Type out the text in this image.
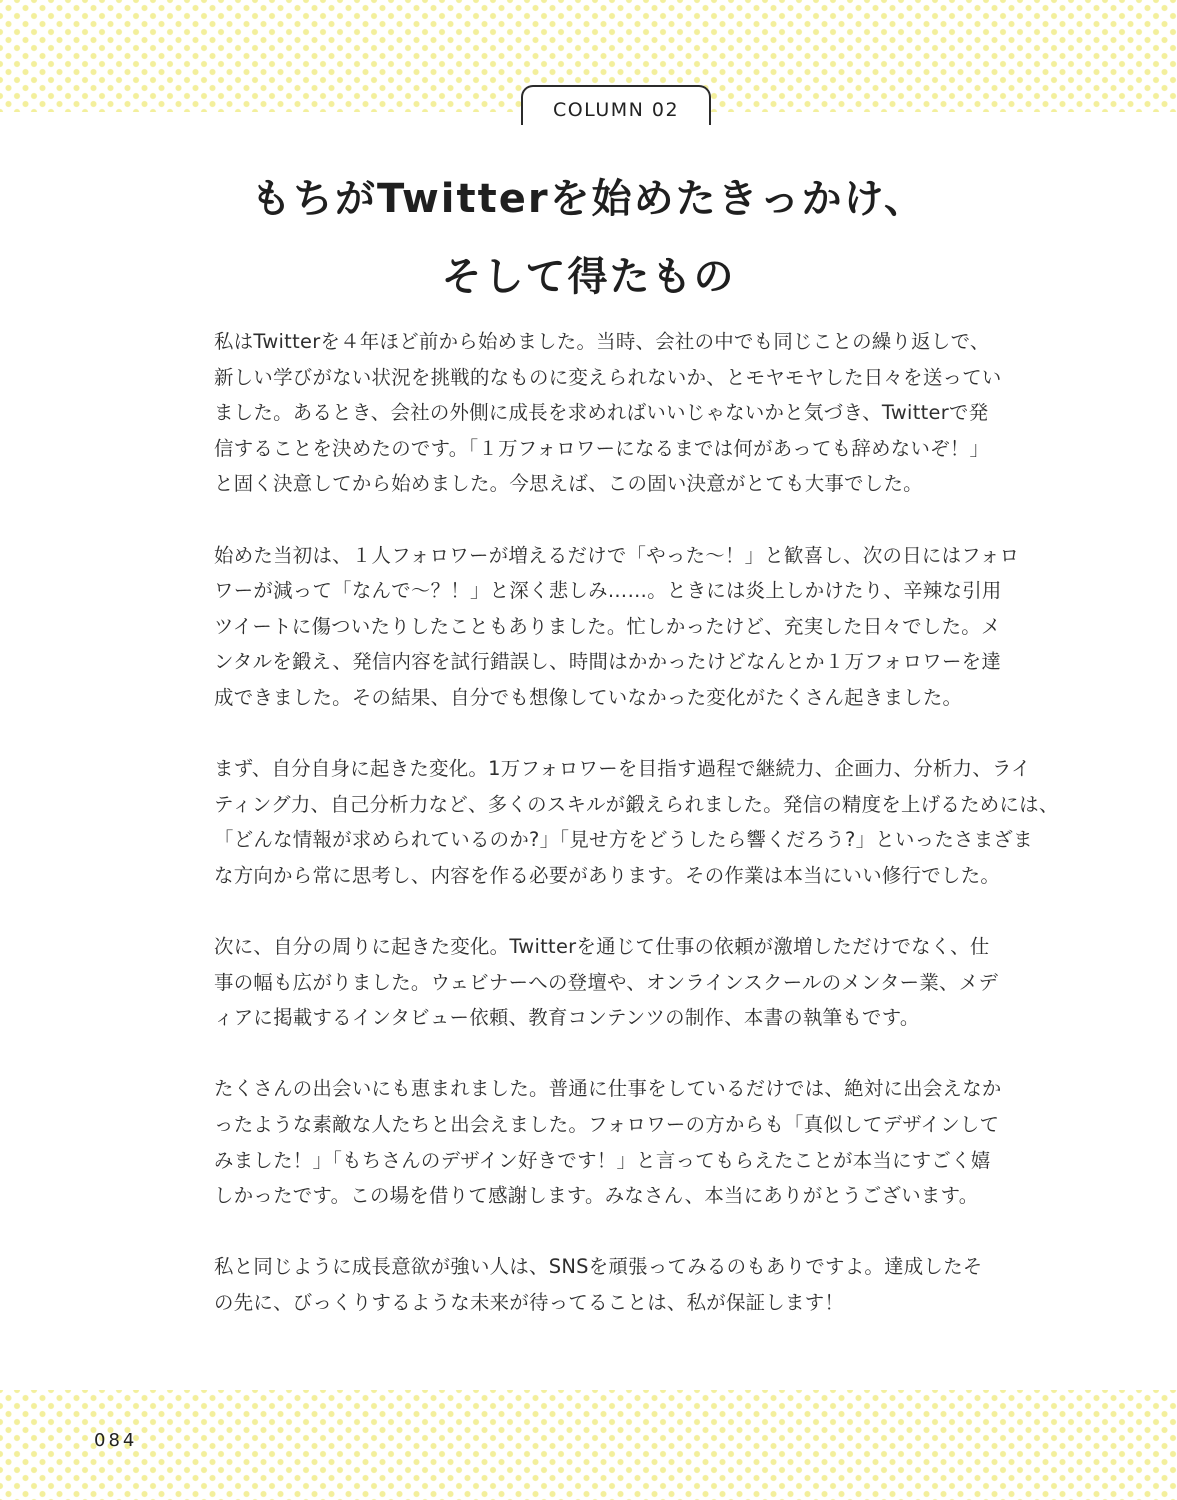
COLUMN 02
もちがTwitterを始めたきっかけ、
そして得たもの

私はTwitterを４年ほど前から始めました。当時、会社の中でも同じことの繰り返しで、
新しい学びがない状況を挑戦的なものに変えられないか、とモヤモヤした日々を送ってい
ました。あるとき、会社の外側に成長を求めればいいじゃないかと気づき、Twitterで発
信することを決めたのです。「１万フォロワーになるまでは何があっても辞めないぞ！」
と固く決意してから始めました。今思えば、この固い決意がとても大事でした。

始めた当初は、１人フォロワーが増えるだけで「やった〜！」と歓喜し、次の日にはフォロ
ワーが減って「なんで〜？！」と深く悲しみ……。ときには炎上しかけたり、辛辣な引用
ツイートに傷ついたりしたこともありました。忙しかったけど、充実した日々でした。メ
ンタルを鍛え、発信内容を試行錯誤し、時間はかかったけどなんとか１万フォロワーを達
成できました。その結果、自分でも想像していなかった変化がたくさん起きました。

まず、自分自身に起きた変化。1万フォロワーを目指す過程で継続力、企画力、分析力、ライ
ティング力、自己分析力など、多くのスキルが鍛えられました。発信の精度を上げるためには、
「どんな情報が求められているのか?」「見せ方をどうしたら響くだろう?」といったさまざま
な方向から常に思考し、内容を作る必要があります。その作業は本当にいい修行でした。

次に、自分の周りに起きた変化。Twitterを通じて仕事の依頼が激増しただけでなく、仕
事の幅も広がりました。ウェビナーへの登壇や、オンラインスクールのメンター業、メデ
ィアに掲載するインタビュー依頼、教育コンテンツの制作、本書の執筆もです。

たくさんの出会いにも恵まれました。普通に仕事をしているだけでは、絶対に出会えなか
ったような素敵な人たちと出会えました。フォロワーの方からも「真似してデザインして
みました！」「もちさんのデザイン好きです！」と言ってもらえたことが本当にすごく嬉
しかったです。この場を借りて感謝します。みなさん、本当にありがとうございます。

私と同じように成長意欲が強い人は、SNSを頑張ってみるのもありですよ。達成したそ
の先に、びっくりするような未来が待ってることは、私が保証します！

084
